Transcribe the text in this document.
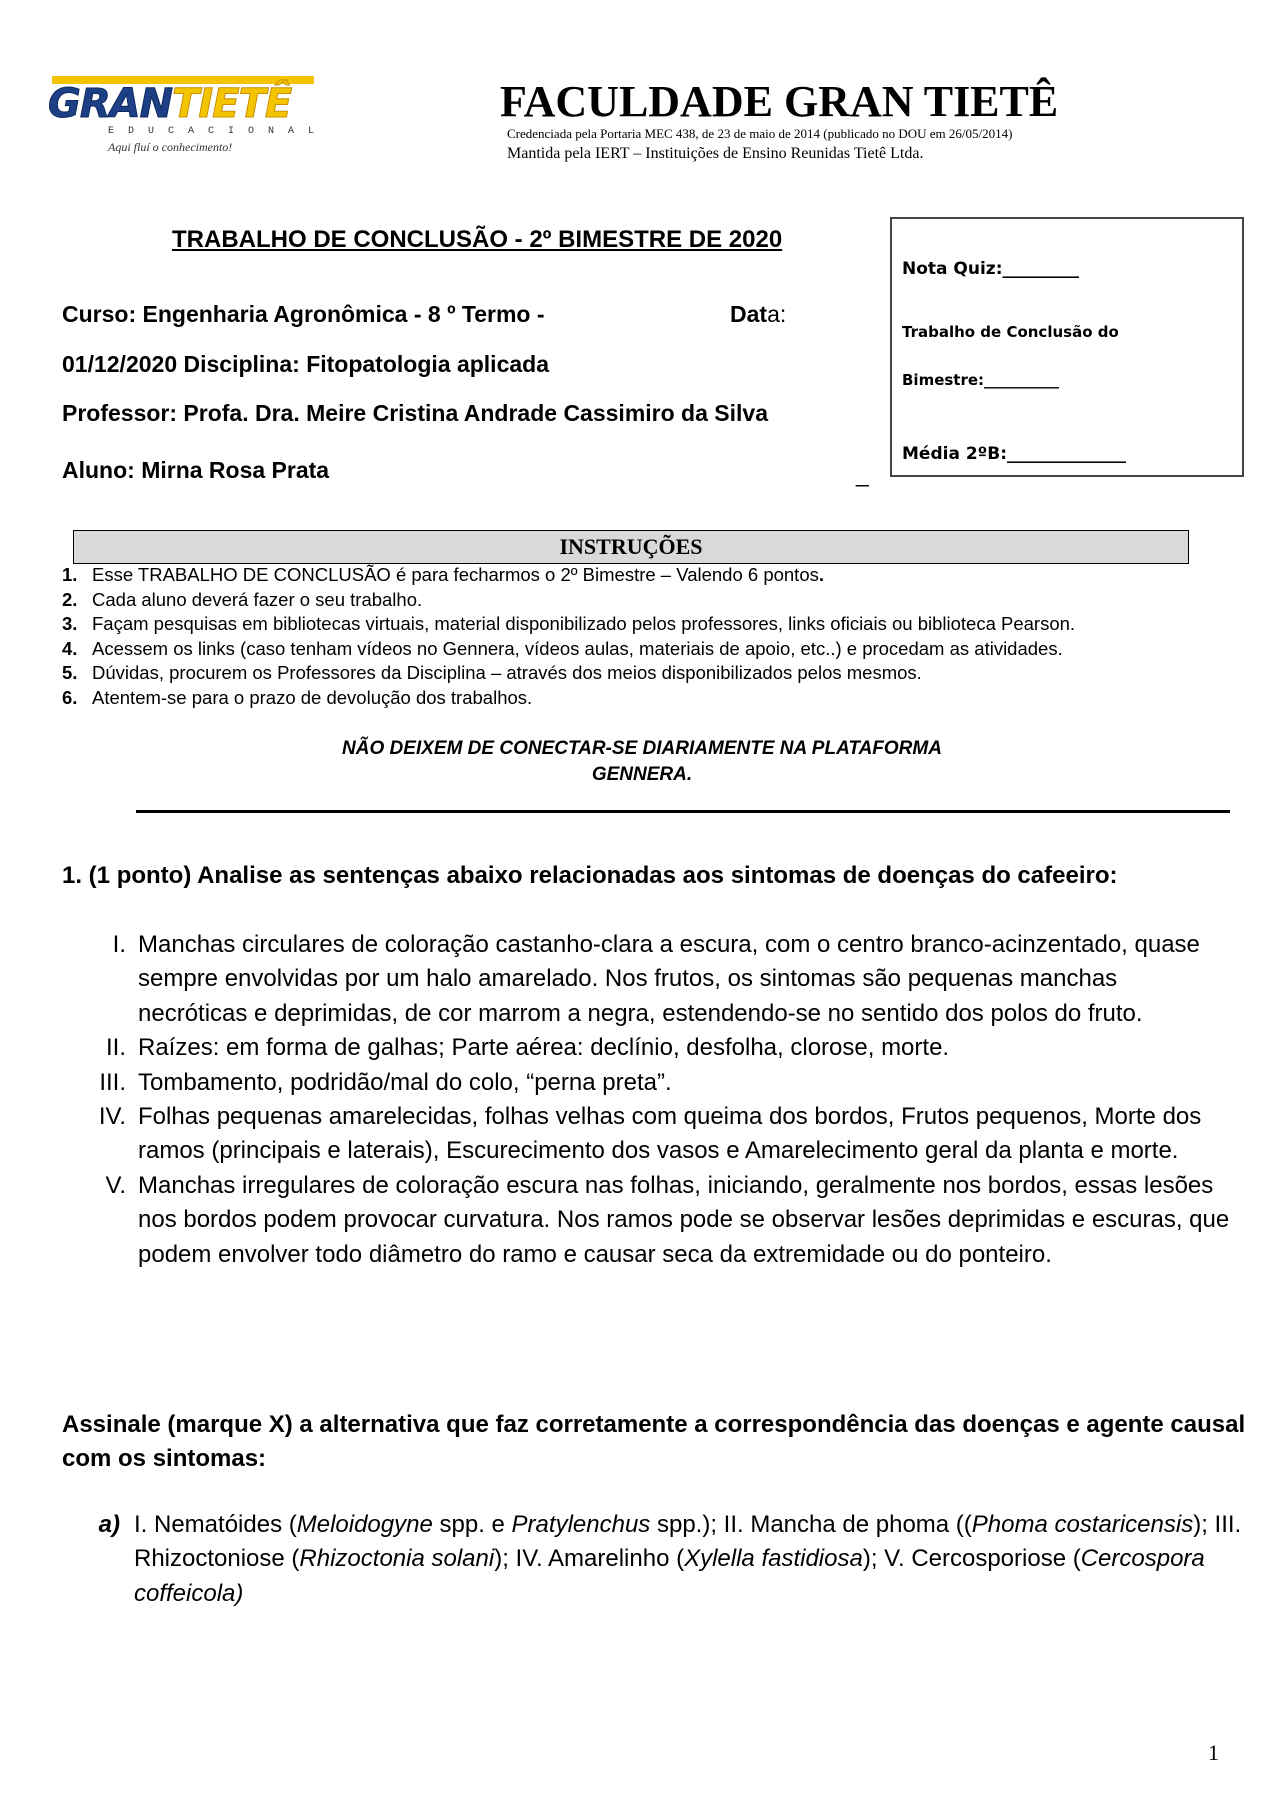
GRANTIETÊ
EDUCACIONAL
Aqui fluí o conhecimento!
FACULDADE GRAN TIETÊ
Credenciada pela Portaria MEC 438, de 23 de maio de 2014 (publicado no DOU em 26/05/2014)
Mantida pela IERT – Instituições de Ensino Reunidas Tietê Ltda.
TRABALHO DE CONCLUSÃO - 2º BIMESTRE DE 2020
Curso: Engenharia Agronômica - 8 º Termo -	Data:
01/12/2020 Disciplina: Fitopatologia aplicada
Professor: Profa. Dra. Meire Cristina Andrade Cassimiro da Silva
Aluno: Mirna Rosa Prata	_
Nota Quiz:_________
Trabalho de Conclusão do
Bimestre:__________
Média 2ºB:______________
INSTRUÇÕES
1. Esse TRABALHO DE CONCLUSÃO é para fecharmos o 2º Bimestre – Valendo 6 pontos.
2. Cada aluno deverá fazer o seu trabalho.
3. Façam pesquisas em bibliotecas virtuais, material disponibilizado pelos professores, links oficiais ou biblioteca Pearson.
4. Acessem os links (caso tenham vídeos no Gennera, vídeos aulas, materiais de apoio, etc..) e procedam as atividades.
5. Dúvidas, procurem os Professores da Disciplina – através dos meios disponibilizados pelos mesmos.
6. Atentem-se para o prazo de devolução dos trabalhos.
NÃO DEIXEM DE CONECTAR-SE DIARIAMENTE NA PLATAFORMA
GENNERA.
1. (1 ponto) Analise as sentenças abaixo relacionadas aos sintomas de doenças do cafeeiro:
I. Manchas circulares de coloração castanho-clara a escura, com o centro branco-acinzentado, quase sempre envolvidas por um halo amarelado. Nos frutos, os sintomas são pequenas manchas necróticas e deprimidas, de cor marrom a negra, estendendo-se no sentido dos polos do fruto.
II. Raízes: em forma de galhas; Parte aérea: declínio, desfolha, clorose, morte.
III. Tombamento, podridão/mal do colo, “perna preta”.
IV. Folhas pequenas amarelecidas, folhas velhas com queima dos bordos, Frutos pequenos, Morte dos ramos (principais e laterais), Escurecimento dos vasos e Amarelecimento geral da planta e morte.
V. Manchas irregulares de coloração escura nas folhas, iniciando, geralmente nos bordos, essas lesões nos bordos podem provocar curvatura. Nos ramos pode se observar lesões deprimidas e escuras, que podem envolver todo diâmetro do ramo e causar seca da extremidade ou do ponteiro.
Assinale (marque X) a alternativa que faz corretamente a correspondência das doenças e agente causal com os sintomas:
a) I. Nematóides (Meloidogyne spp. e Pratylenchus spp.); II. Mancha de phoma ((Phoma costaricensis); III. Rhizoctoniose (Rhizoctonia solani); IV. Amarelinho (Xylella fastidiosa); V. Cercosporiose (Cercospora coffeicola)
1
